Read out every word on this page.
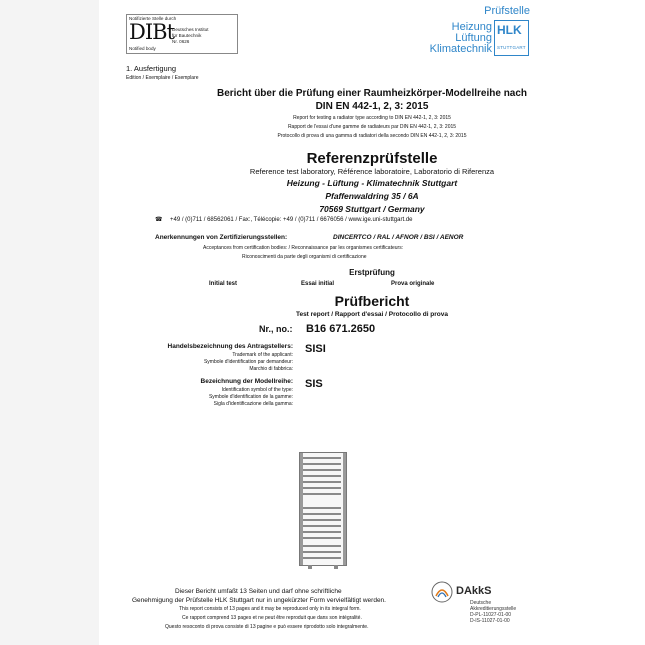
Notifizierte Stelle durch
DIBt
Deutsches Institut
für Bautechnik
Nr. 0626
Notified body
Prüfstelle
Heizung
Lüftung
Klimatechnik
HLK
STUTTGART
1. Ausfertigung
Edition / Exemplaire / Esemplare
Bericht über die Prüfung einer Raumheizkörper-Modellreihe nach
DIN EN 442-1, 2, 3: 2015
Report for testing a radiator type according to DIN EN 442-1, 2, 3: 2015
Rapport de l'essai d'une gamme de radiateurs par DIN EN 442-1, 2, 3: 2015
Protocollo di prova di una gamma di radiatori della secondo DIN EN 442-1, 2, 3: 2015
Referenzprüfstelle
Reference test laboratory, Référence laboratoire, Laboratorio di Riferenza
Heizung - Lüftung - Klimatechnik Stuttgart
Pfaffenwaldring 35 / 6A
70569 Stuttgart / Germany
☎ +49 / (0)711 / 68562061 / Fax:, Télécopie: +49 / (0)711 / 6676056 / www.ige.uni-stuttgart.de
Anerkennungen von Zertifizierungsstellen:	DINCERTCO / RAL / AFNOR / BSI / AENOR
Acceptances from certification bodies: / Reconnaissance par les organismes certificateurs:
Riconoscimenti da parte degli organismi di certificazione
Erstprüfung
Initial test	Essai initial	Prova originale
Prüfbericht
Test report / Rapport d'essai / Protocollo di prova
Nr., no.: B16 671.2650
Handelsbezeichnung des Antragstellers:
Trademark of the applicant:
Symbole d'identification par demandeur:
Marchio di fabbrica:
SISI
Bezeichnung der Modellreihe:
Identification symbol of the type:
Symbole d'identification de la gamme:
Sigla d'identificazione della gamma:
SIS
Dieser Bericht umfaßt 13 Seiten und darf ohne schriftliche
Genehmigung der Prüfstelle HLK Stuttgart nur in ungekürzter Form vervielfältigt werden.
This report consists of 13 pages and it may be reproduced only in its integral form.
Ce rapport comprend 13 pages et ne peut être reproduit que dans son intégralité.
Questo resoconto di prova consiste di 13 pagine e può essere riprodotto solo integralmente.
DAkkS
Deutsche
Akkreditierungsstelle
D-PL-11027-01-00
D-IS-11027-01-00
